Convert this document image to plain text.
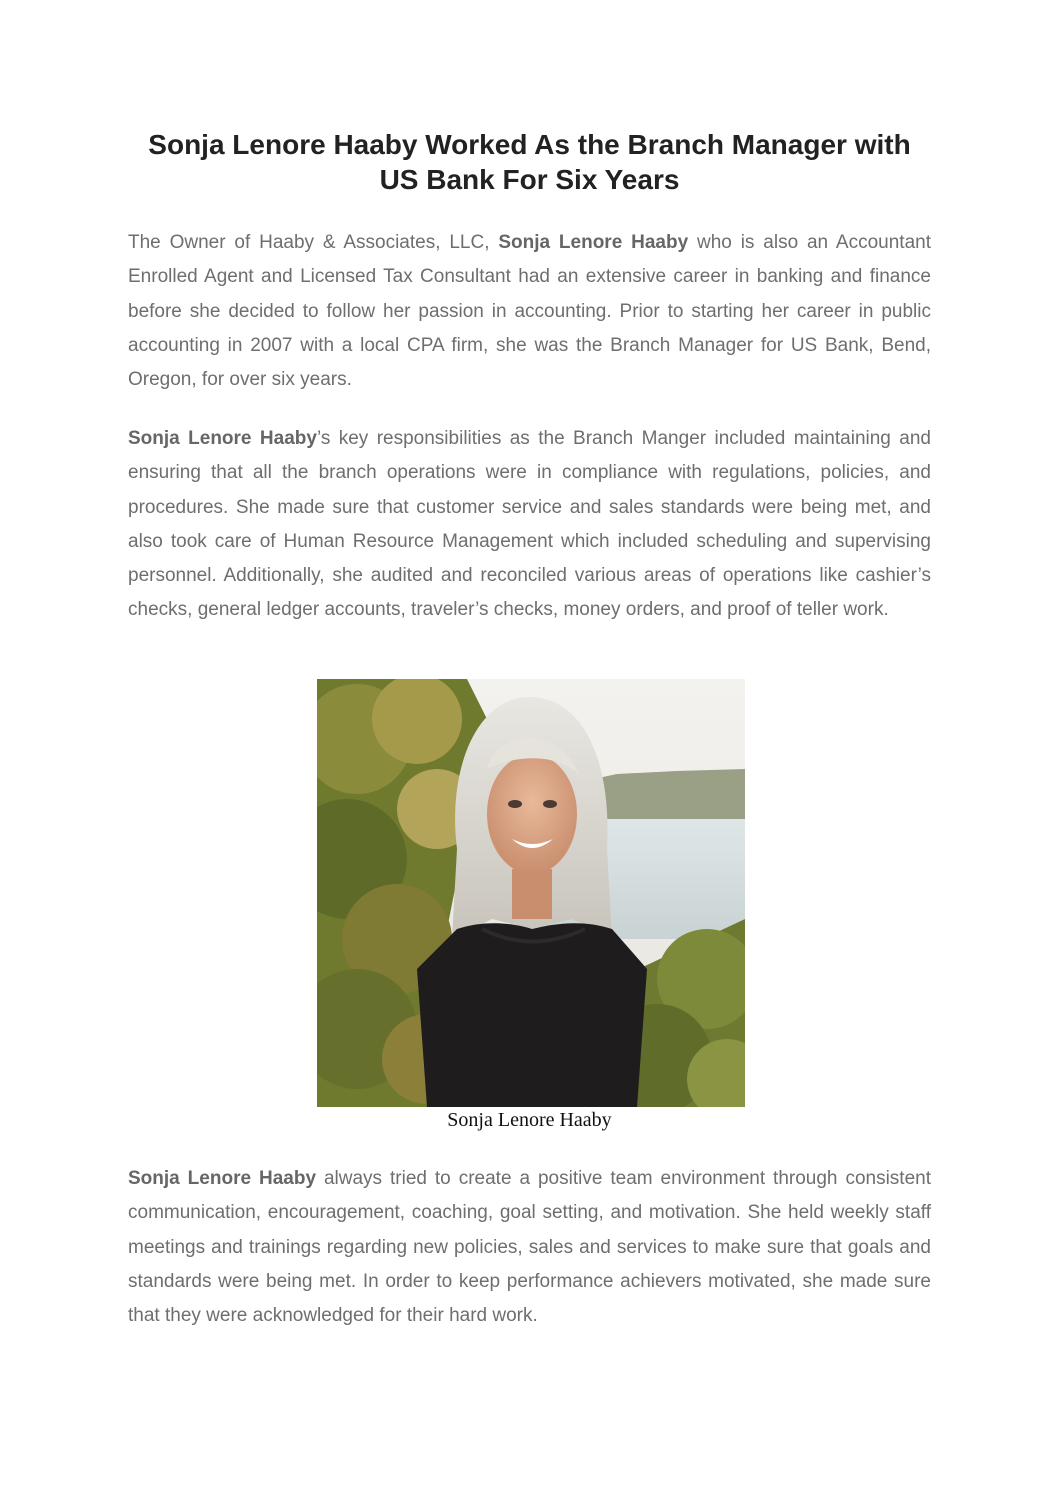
Sonja Lenore Haaby Worked As the Branch Manager with US Bank For Six Years

The Owner of Haaby & Associates, LLC, Sonja Lenore Haaby who is also an Accountant Enrolled Agent and Licensed Tax Consultant had an extensive career in banking and finance before she decided to follow her passion in accounting. Prior to starting her career in public accounting in 2007 with a local CPA firm, she was the Branch Manager for US Bank, Bend, Oregon, for over six years.

Sonja Lenore Haaby’s key responsibilities as the Branch Manger included maintaining and ensuring that all the branch operations were in compliance with regulations, policies, and procedures. She made sure that customer service and sales standards were being met, and also took care of Human Resource Management which included scheduling and supervising personnel. Additionally, she audited and reconciled various areas of operations like cashier’s checks, general ledger accounts, traveler’s checks, money orders, and proof of teller work.

Sonja Lenore Haaby

Sonja Lenore Haaby always tried to create a positive team environment through consistent communication, encouragement, coaching, goal setting, and motivation. She held weekly staff meetings and trainings regarding new policies, sales and services to make sure that goals and standards were being met. In order to keep performance achievers motivated, she made sure that they were acknowledged for their hard work.
